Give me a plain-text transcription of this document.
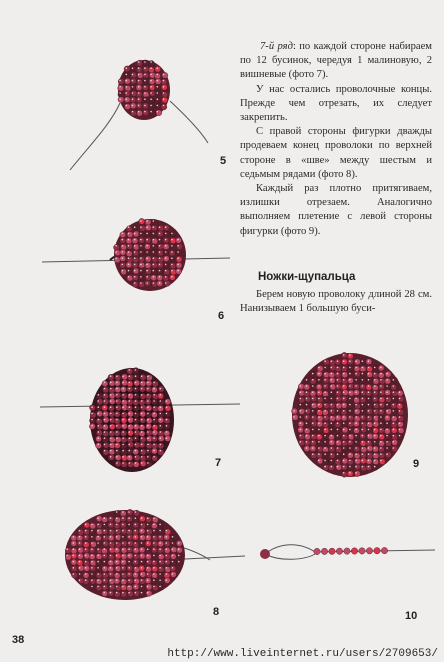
5
6
7
8
9
10

7-й ряд: по каждой стороне набираем по 12 бусинок, чередуя 1 малиновую, 2 вишневые (фото 7).

У нас остались проволочные концы. Прежде чем отрезать, их следует закрепить.

С правой стороны фигурки дважды продеваем конец проволоки по верхней стороне в «шве» между шестым и седьмым рядами (фото 8).

Каждый раз плотно притягиваем, излишки отрезаем. Аналогично выполняем плетение с левой стороны фигурки (фото 9).

Ножки-щупальца

Берем новую проволоку длиной 28 см. Нанизываем 1 большую буси-

38
http://www.liveinternet.ru/users/2709653/
